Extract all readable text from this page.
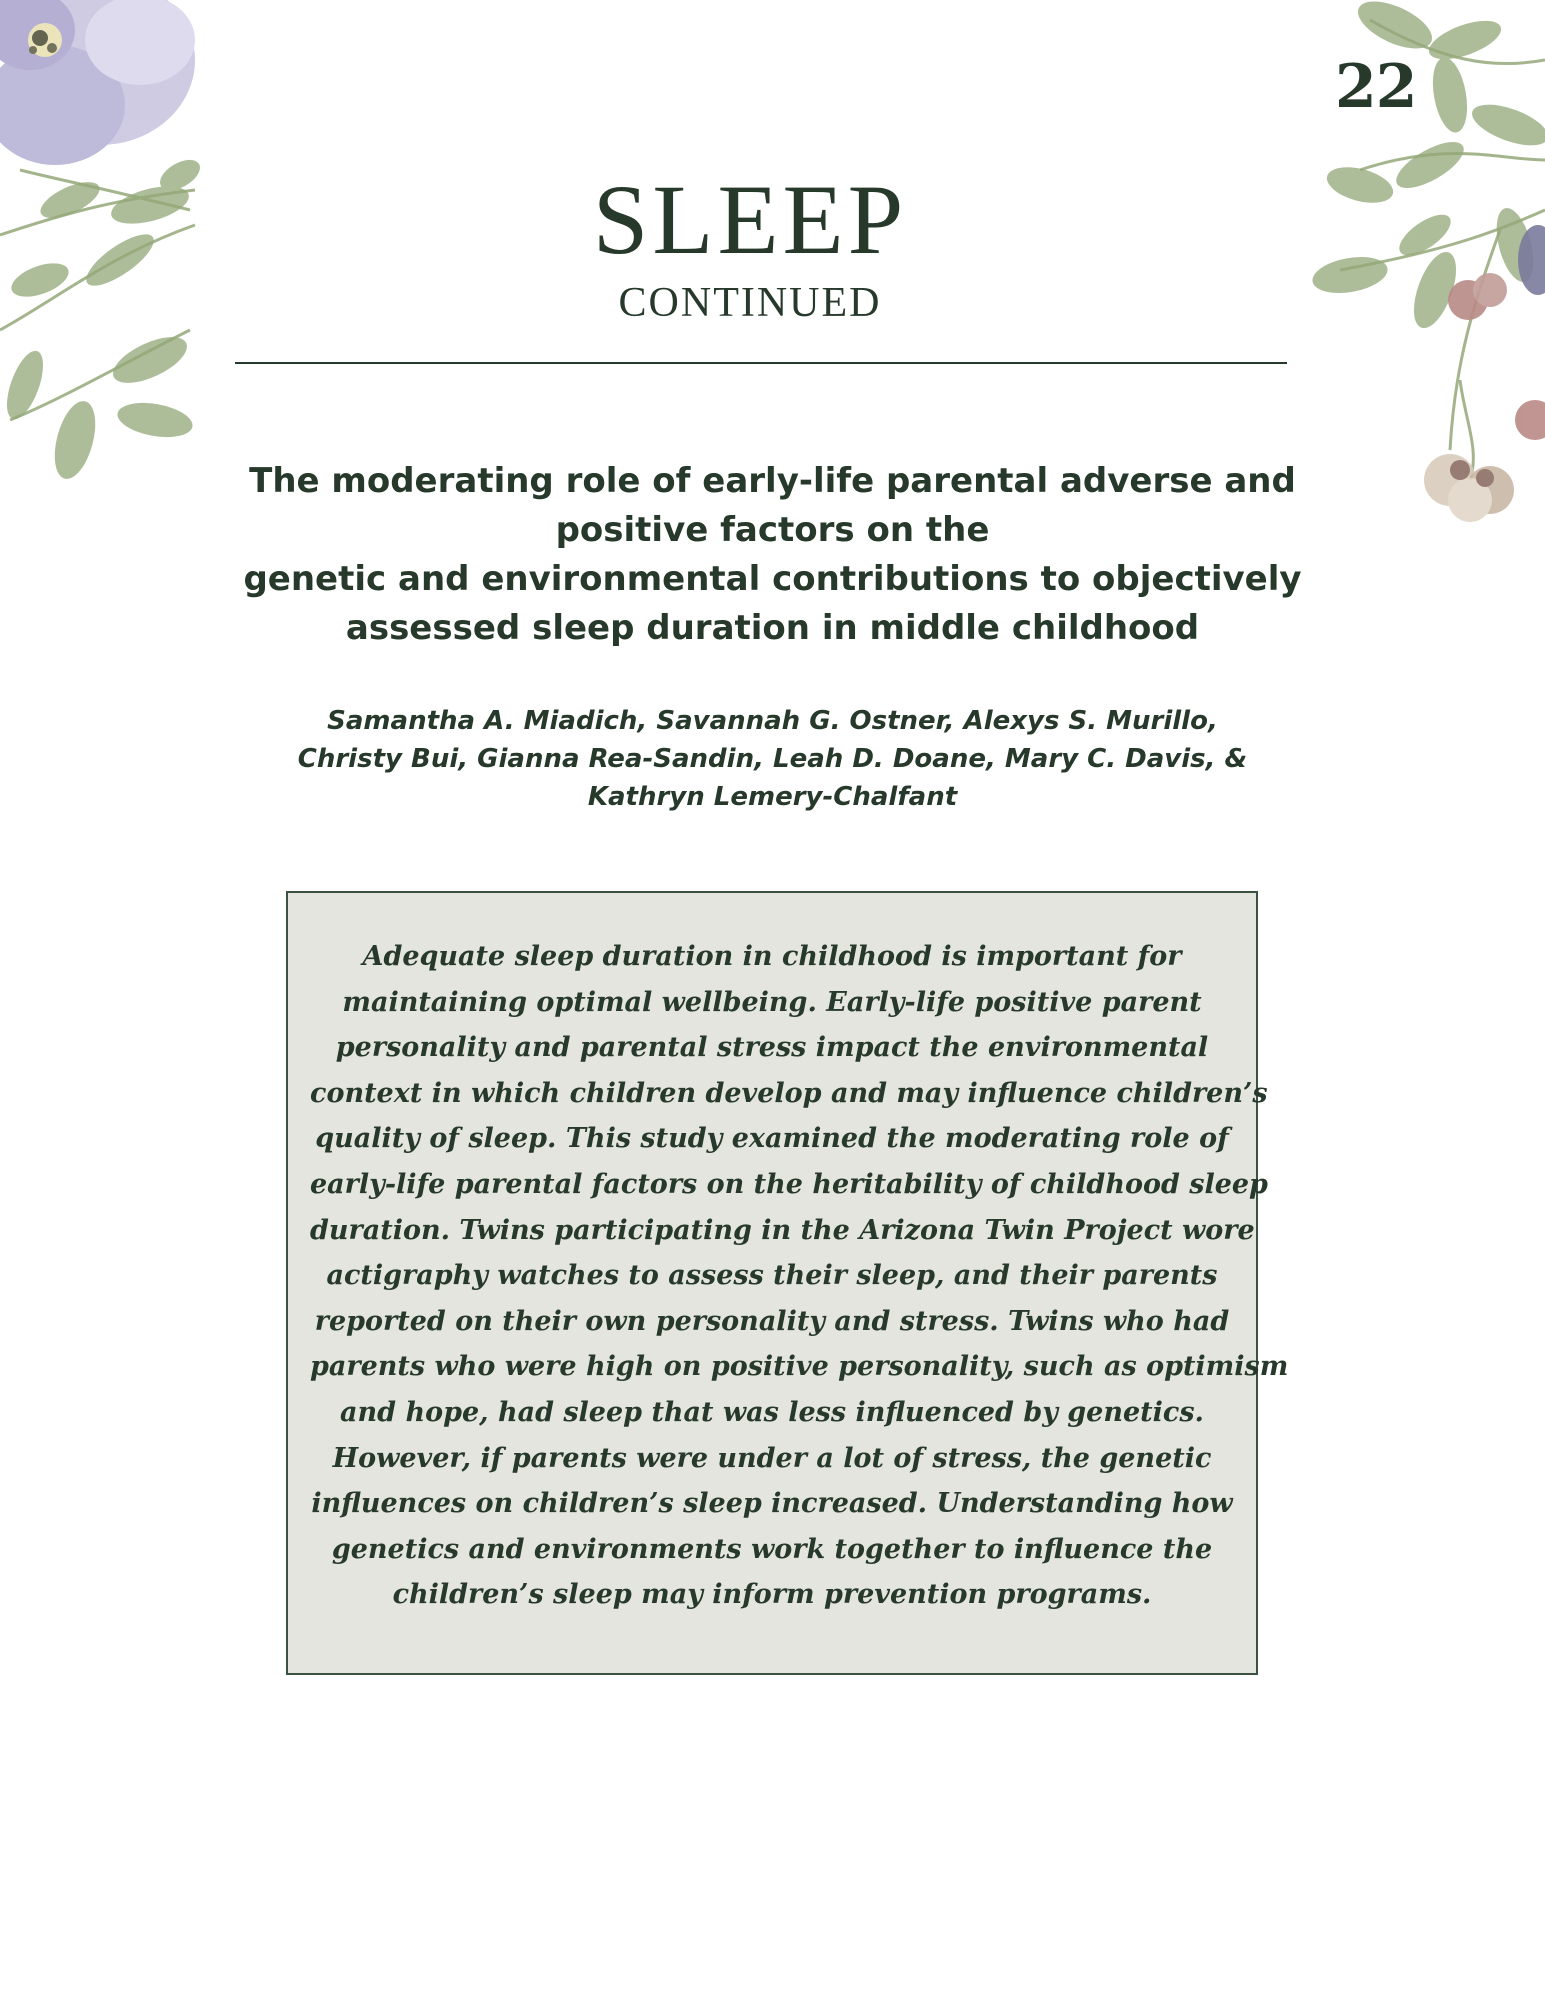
22
SLEEP
CONTINUED
The moderating role of early-life parental adverse and
positive factors on the
genetic and environmental contributions to objectively
assessed sleep duration in middle childhood
Samantha A. Miadich, Savannah G. Ostner, Alexys S. Murillo, Christy Bui, Gianna Rea-Sandin, Leah D. Doane, Mary C. Davis, & Kathryn Lemery-Chalfant
Adequate sleep duration in childhood is important for
maintaining optimal wellbeing. Early-life positive parent
personality and parental stress impact the environmental
context in which children develop and may influence children’s
quality of sleep. This study examined the moderating role of
early-life parental factors on the heritability of childhood sleep
duration. Twins participating in the Arizona Twin Project wore
actigraphy watches to assess their sleep, and their parents
reported on their own personality and stress. Twins who had
parents who were high on positive personality, such as optimism
and hope, had sleep that was less influenced by genetics.
However, if parents were under a lot of stress, the genetic
influences on children’s sleep increased. Understanding how
genetics and environments work together to influence the
children’s sleep may inform prevention programs.
